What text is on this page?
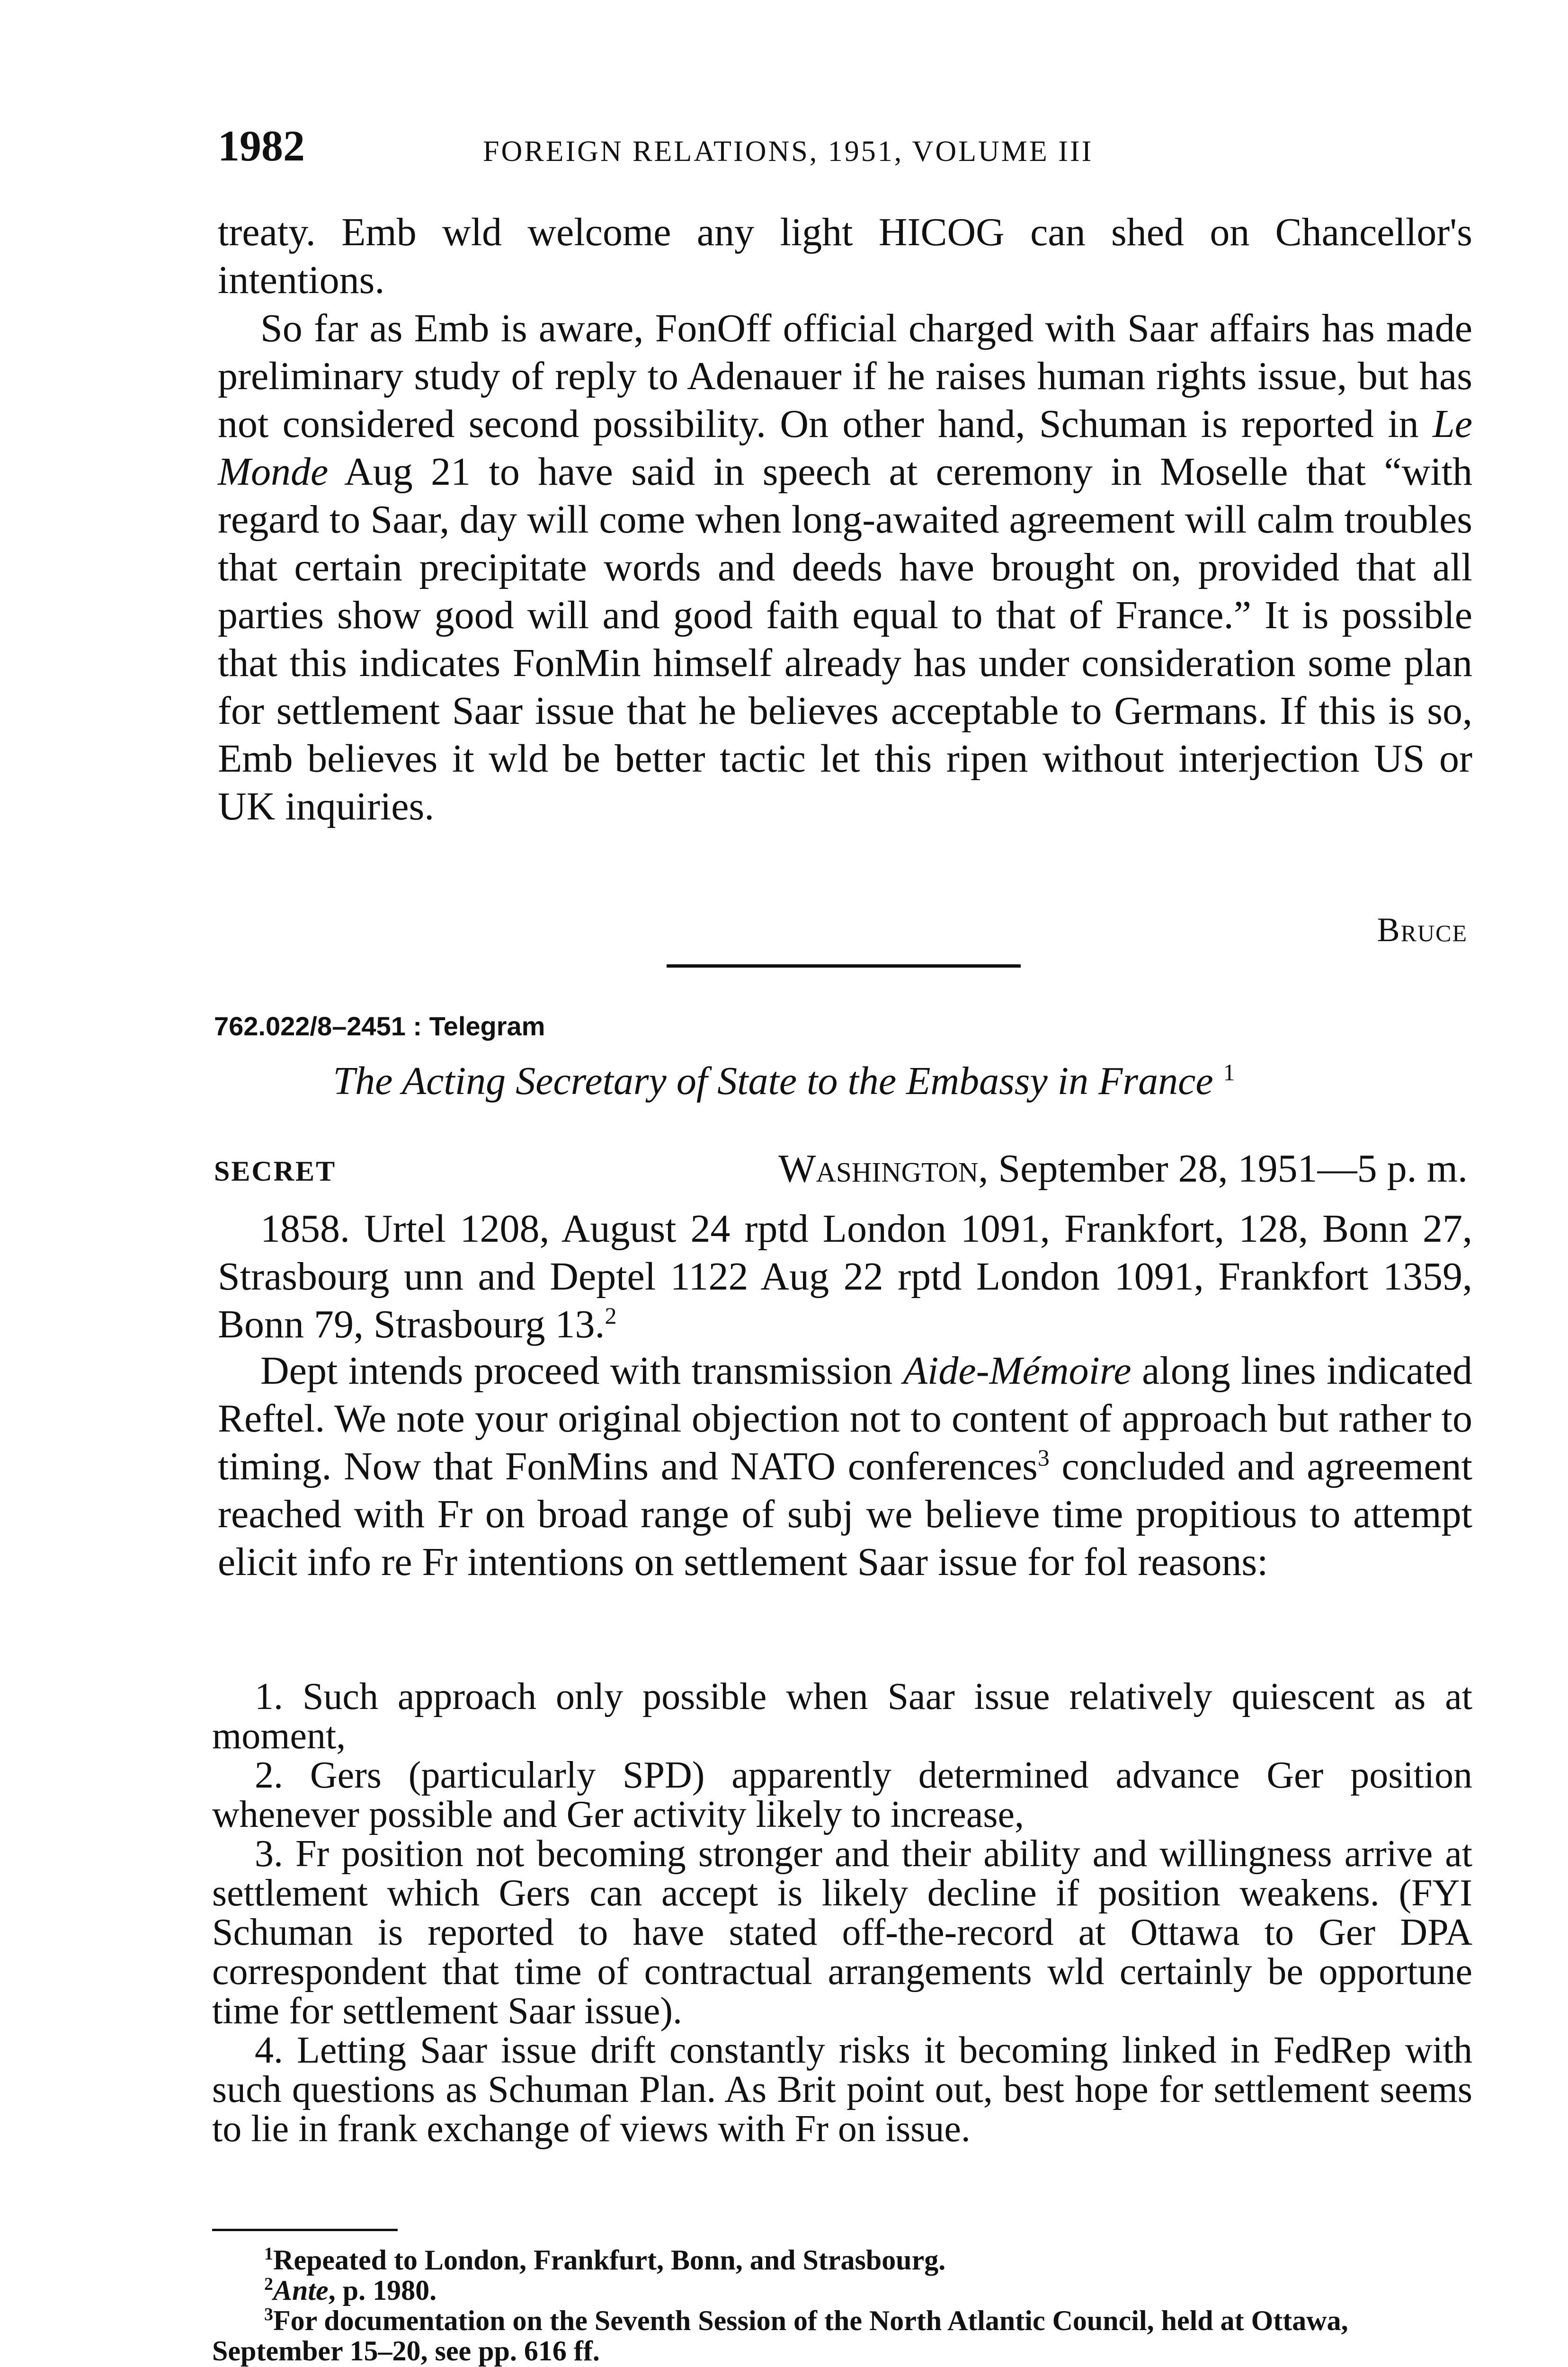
1982	FOREIGN RELATIONS, 1951, VOLUME III

treaty. Emb wld welcome any light HICOG can shed on Chancellor's intentions.

So far as Emb is aware, FonOff official charged with Saar affairs has made preliminary study of reply to Adenauer if he raises human rights issue, but has not considered second possibility. On other hand, Schuman is reported in Le Monde Aug 21 to have said in speech at ceremony in Moselle that “with regard to Saar, day will come when long-awaited agreement will calm troubles that certain precipitate words and deeds have brought on, provided that all parties show good will and good faith equal to that of France.” It is possible that this indicates FonMin himself already has under consideration some plan for settlement Saar issue that he believes acceptable to Germans. If this is so, Emb believes it wld be better tactic let this ripen without interjection US or UK inquiries.

Bruce
762.022/8–2451 : Telegram
The Acting Secretary of State to the Embassy in France $^1$
SECRET	Washington, September 28, 1951—5 p. m.

1858. Urtel 1208, August 24 rptd London 1091, Frankfort, 128, Bonn 27, Strasbourg unn and Deptel 1122 Aug 22 rptd London 1091, Frankfort 1359, Bonn 79, Strasbourg 13.$^2$

Dept intends proceed with transmission Aide-Mémoire along lines indicated Reftel. We note your original objection not to content of approach but rather to timing. Now that FonMins and NATO conferences$^3$ concluded and agreement reached with Fr on broad range of subj we believe time propitious to attempt elicit info re Fr intentions on settlement Saar issue for fol reasons:

1. Such approach only possible when Saar issue relatively quiescent as at moment,

2. Gers (particularly SPD) apparently determined advance Ger position whenever possible and Ger activity likely to increase,

3. Fr position not becoming stronger and their ability and willingness arrive at settlement which Gers can accept is likely decline if position weakens. (FYI Schuman is reported to have stated off-the-record at Ottawa to Ger DPA correspondent that time of contractual arrangements wld certainly be opportune time for settlement Saar issue).

4. Letting Saar issue drift constantly risks it becoming linked in FedRep with such questions as Schuman Plan. As Brit point out, best hope for settlement seems to lie in frank exchange of views with Fr on issue.

$^1$Repeated to London, Frankfurt, Bonn, and Strasbourg.

$^2$Ante, p. 1980.

$^3$For documentation on the Seventh Session of the North Atlantic Council, held at Ottawa, September 15–20, see pp. 616 ff.
